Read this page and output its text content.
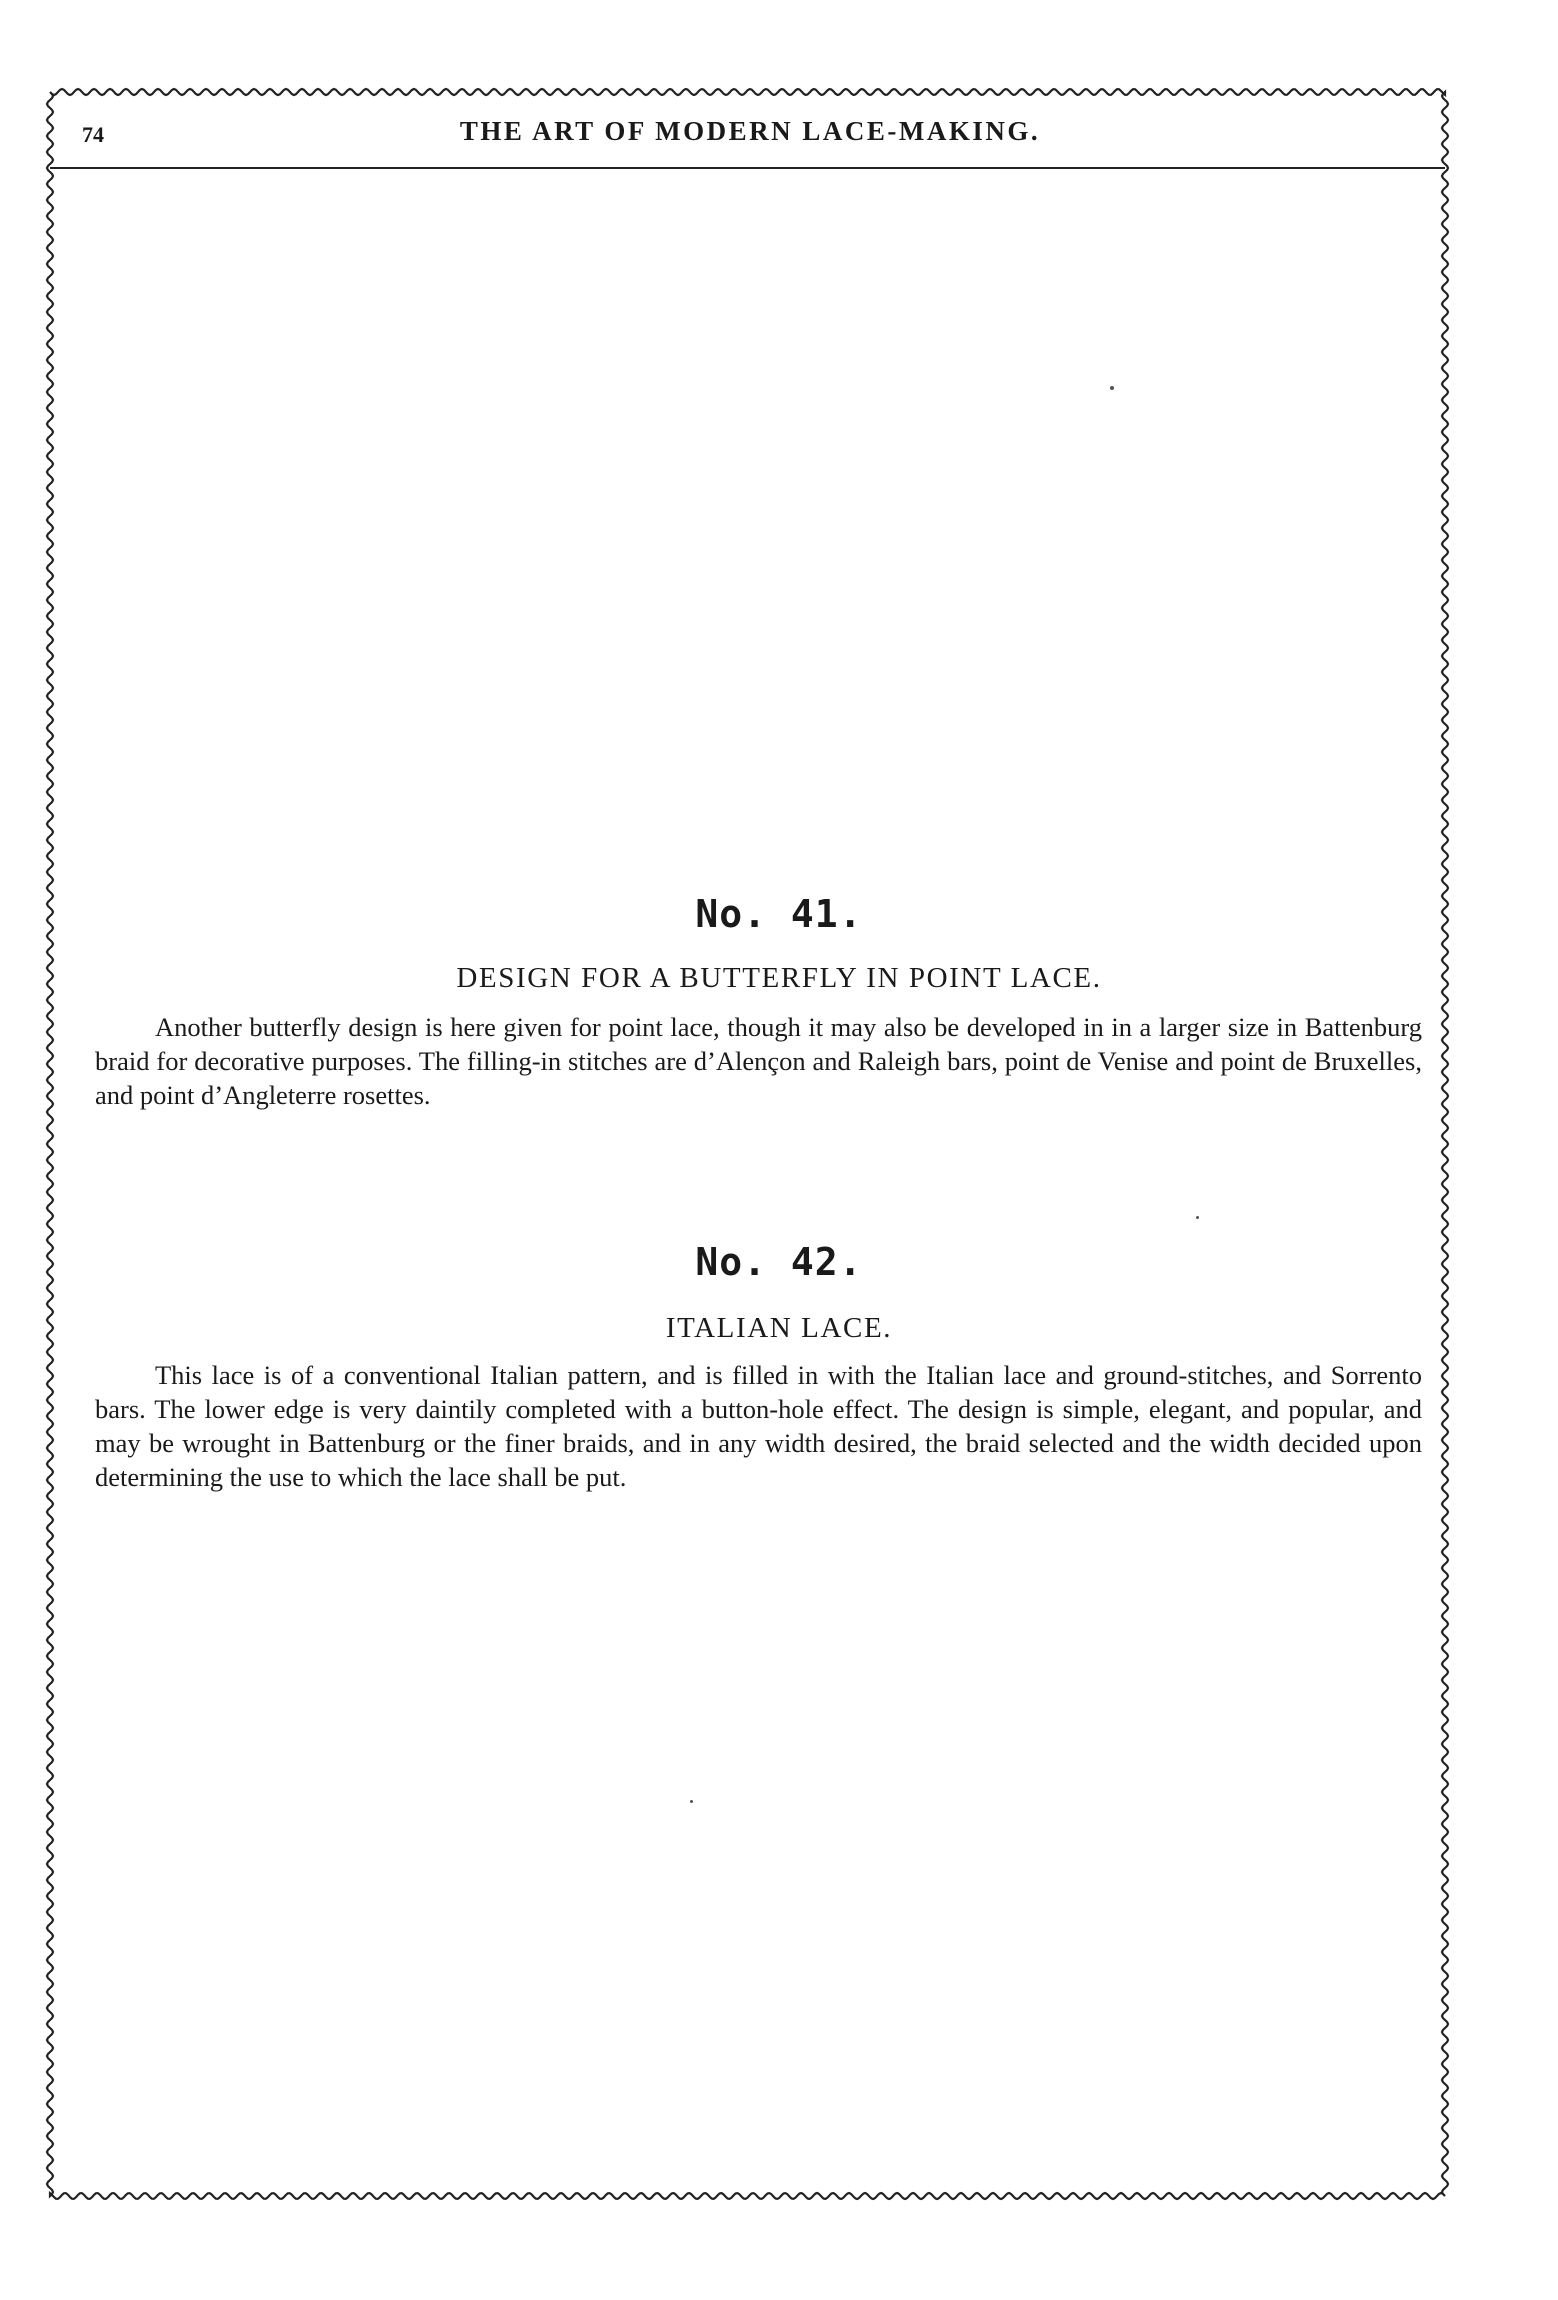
74	THE ART OF MODERN LACE-MAKING.
No. 41.
DESIGN FOR A BUTTERFLY IN POINT LACE.

Another butterfly design is here given for point lace, though it may also be developed in in a larger size in Battenburg braid for decorative purposes. The filling-in stitches are d’Alençon and Raleigh bars, point de Venise and point de Bruxelles, and point d’Angleterre rosettes.

No. 42.
ITALIAN LACE.

This lace is of a conventional Italian pattern, and is filled in with the Italian lace and ground-stitches, and Sorrento bars. The lower edge is very daintily completed with a button-hole effect. The design is simple, elegant, and popular, and may be wrought in Battenburg or the finer braids, and in any width desired, the braid selected and the width decided upon determining the use to which the lace shall be put.
